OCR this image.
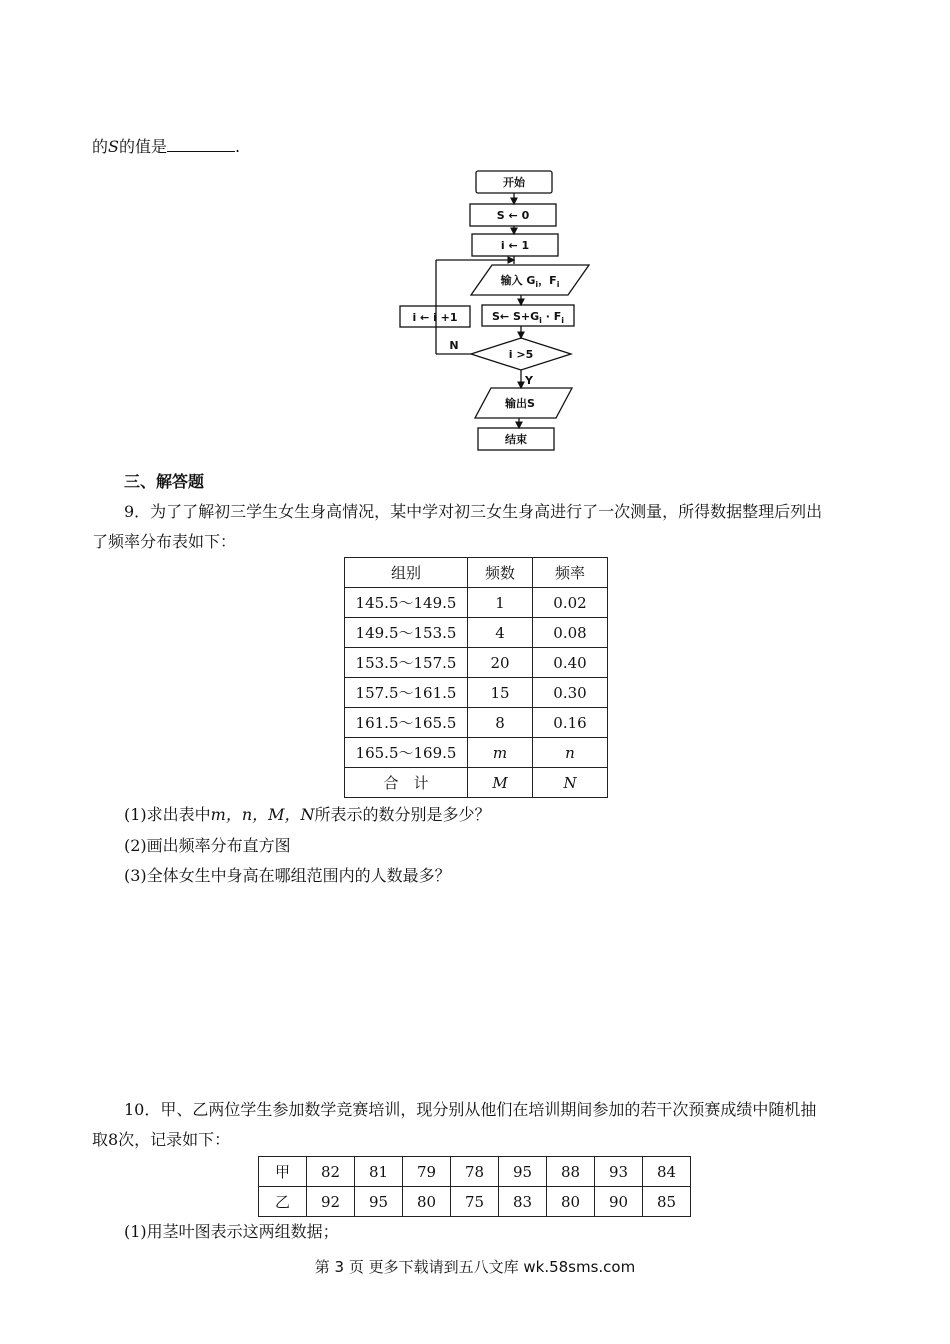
的S的值是	.
开始
S ← 0
i ← 1
输入 $G_i$，$F_i$
S← $S+G_i \cdot F_i$
i ← i +1
i >5
N
Y
输出S
结束
三、解答题
9．为了了解初三学生女生身高情况，某中学对初三女生身高进行了一次测量，所得数据整理后列出
了频率分布表如下：
组别	频数	频率
145.5～149.5	1	0.02
149.5～153.5	4	0.08
153.5～157.5	20	0.40
157.5～161.5	15	0.30
161.5～165.5	8	0.16
165.5～169.5	m	n
合　计	M	N
(1)求出表中m，n，M，N所表示的数分别是多少？
(2)画出频率分布直方图
(3)全体女生中身高在哪组范围内的人数最多？
10．甲、乙两位学生参加数学竞赛培训，现分别从他们在培训期间参加的若干次预赛成绩中随机抽
取8次，记录如下：
甲	82	81	79	78	95	88	93	84
乙	92	95	80	75	83	80	90	85
(1)用茎叶图表示这两组数据；
第 3 页 更多下载请到五八文库 wk.58sms.com
